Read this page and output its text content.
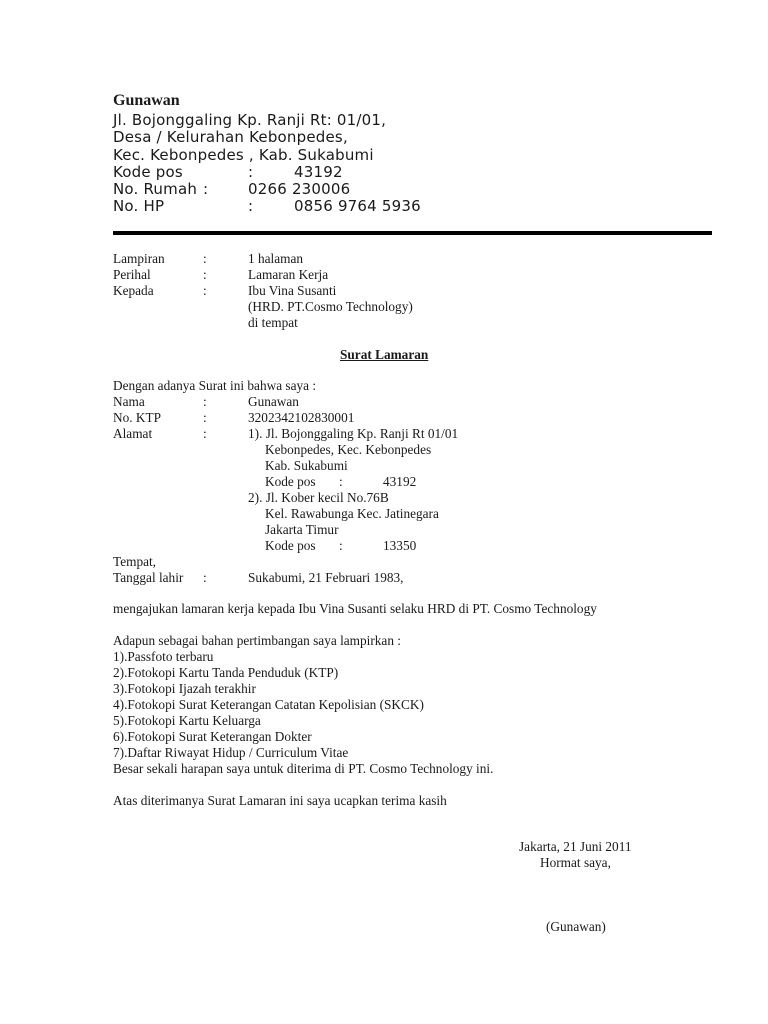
Gunawan
Jl. Bojonggaling Kp. Ranji Rt: 01/01,
Desa / Kelurahan Kebonpedes,
Kec. Kebonpedes , Kab. Sukabumi
Kode pos	:	43192
No. Rumah :	0266 230006
No. HP	:	0856 9764 5936
Lampiran	:	1 halaman
Perihal	:	Lamaran Kerja
Kepada	:	Ibu Vina Susanti
(HRD. PT.Cosmo Technology)
di tempat
Surat Lamaran
Dengan adanya Surat ini bahwa saya :
Nama	:	Gunawan
No. KTP	:	3202342102830001
Alamat	:	1). Jl. Bojonggaling Kp. Ranji Rt 01/01
Kebonpedes, Kec. Kebonpedes
Kab. Sukabumi
Kode pos :	43192
2). Jl. Kober kecil No.76B
Kel. Rawabunga Kec. Jatinegara
Jakarta Timur
Kode pos :	13350
Tempat,
Tanggal lahir :	Sukabumi, 21 Februari 1983,
mengajukan lamaran kerja kepada Ibu Vina Susanti selaku HRD di PT. Cosmo Technology
Adapun sebagai bahan pertimbangan saya lampirkan :
1).Passfoto terbaru
2).Fotokopi Kartu Tanda Penduduk (KTP)
3).Fotokopi Ijazah terakhir
4).Fotokopi Surat Keterangan Catatan Kepolisian (SKCK)
5).Fotokopi Kartu Keluarga
6).Fotokopi Surat Keterangan Dokter
7).Daftar Riwayat Hidup / Curriculum Vitae
Besar sekali harapan saya untuk diterima di PT. Cosmo Technology ini.
Atas diterimanya Surat Lamaran ini saya ucapkan terima kasih
Jakarta, 21 Juni 2011
Hormat saya,
(Gunawan)
